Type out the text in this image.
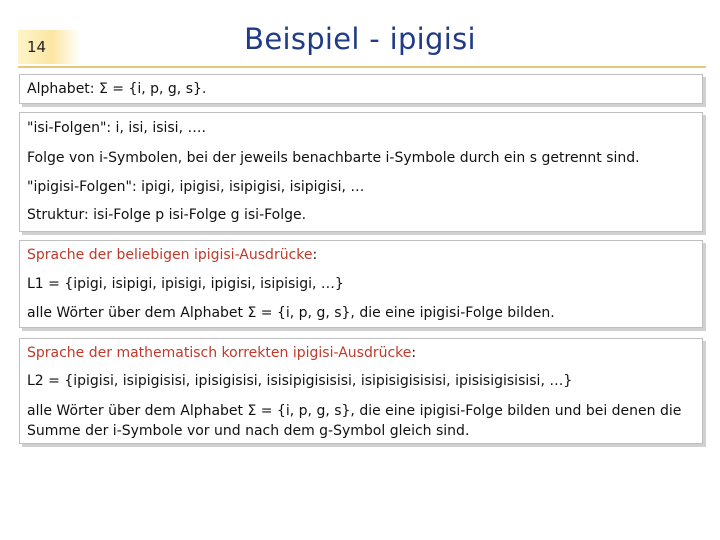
14	Beispiel - ipigisi
Alphabet: Σ = {i, p, g, s}.
"isi-Folgen": i, isi, isisi, ….
Folge von i-Symbolen, bei der jeweils benachbarte i-Symbole durch ein s getrennt sind.
"ipigisi-Folgen": ipigi, ipigisi, isipigisi, isipigisi, …
Struktur: isi-Folge p isi-Folge g isi-Folge.
Sprache der beliebigen ipigisi-Ausdrücke:
L1 = {ipigi, isipigi, ipisigi, ipigisi, isipisigi, …}
alle Wörter über dem Alphabet Σ = {i, p, g, s}, die eine ipigisi-Folge bilden.
Sprache der mathematisch korrekten ipigisi-Ausdrücke:
L2 = {ipigisi, isipigisisi, ipisigisisi, isisipigisisisi, isipisigisisisi, ipisisigisisisi, …}
alle Wörter über dem Alphabet Σ = {i, p, g, s}, die eine ipigisi-Folge bilden und bei denen die Summe der i-Symbole vor und nach dem g-Symbol gleich sind.
